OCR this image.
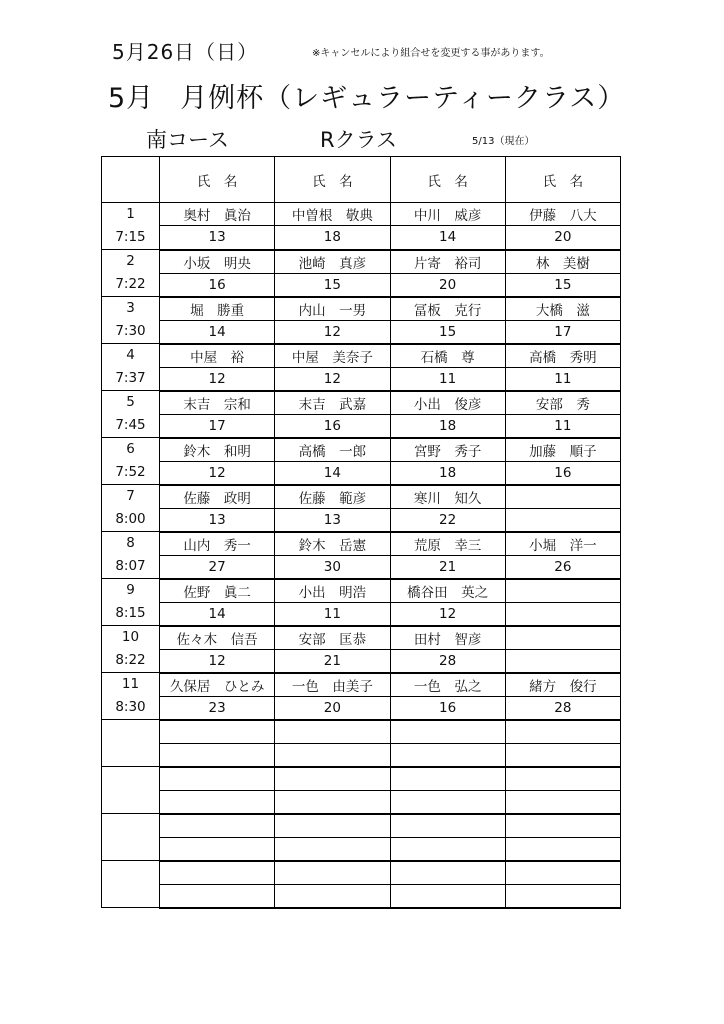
5月26日（日）	※キャンセルにより組合せを変更する事があります。
5月 月例杯（レギュラーティークラス）
南コース	Rクラス	5/13（現在）
	氏　名	氏　名	氏　名	氏　名

1
7:15	奥村　眞治	中曽根　敬典	中川　威彦	伊藤　八大
	13	18	14	20

2
7:22	小坂　明央	池崎　真彦	片寄　裕司	林　美樹
	16	15	20	15

3
7:30	堀　勝重	内山　一男	冨板　克行	大橋　滋
	14	12	15	17

4
7:37	中屋　裕	中屋　美奈子	石橋　尊	高橋　秀明
	12	12	11	11

5
7:45	末吉　宗和	末吉　武嘉	小出　俊彦	安部　秀
	17	16	18	11

6
7:52	鈴木　和明	高橋　一郎	宮野　秀子	加藤　順子
	12	14	18	16

7
8:00	佐藤　政明	佐藤　範彦	寒川　知久	
	13	13	22	

8
8:07	山内　秀一	鈴木　岳憲	荒原　幸三	小堀　洋一
	27	30	21	26

9
8:15	佐野　眞二	小出　明浩	橋谷田　英之	
	14	11	12	

10
8:22	佐々木　信吾	安部　匡恭	田村　智彦	
	12	21	28	

11
8:30	久保居　ひとみ	一色　由美子	一色　弘之	緒方　俊行
	23	20	16	28
